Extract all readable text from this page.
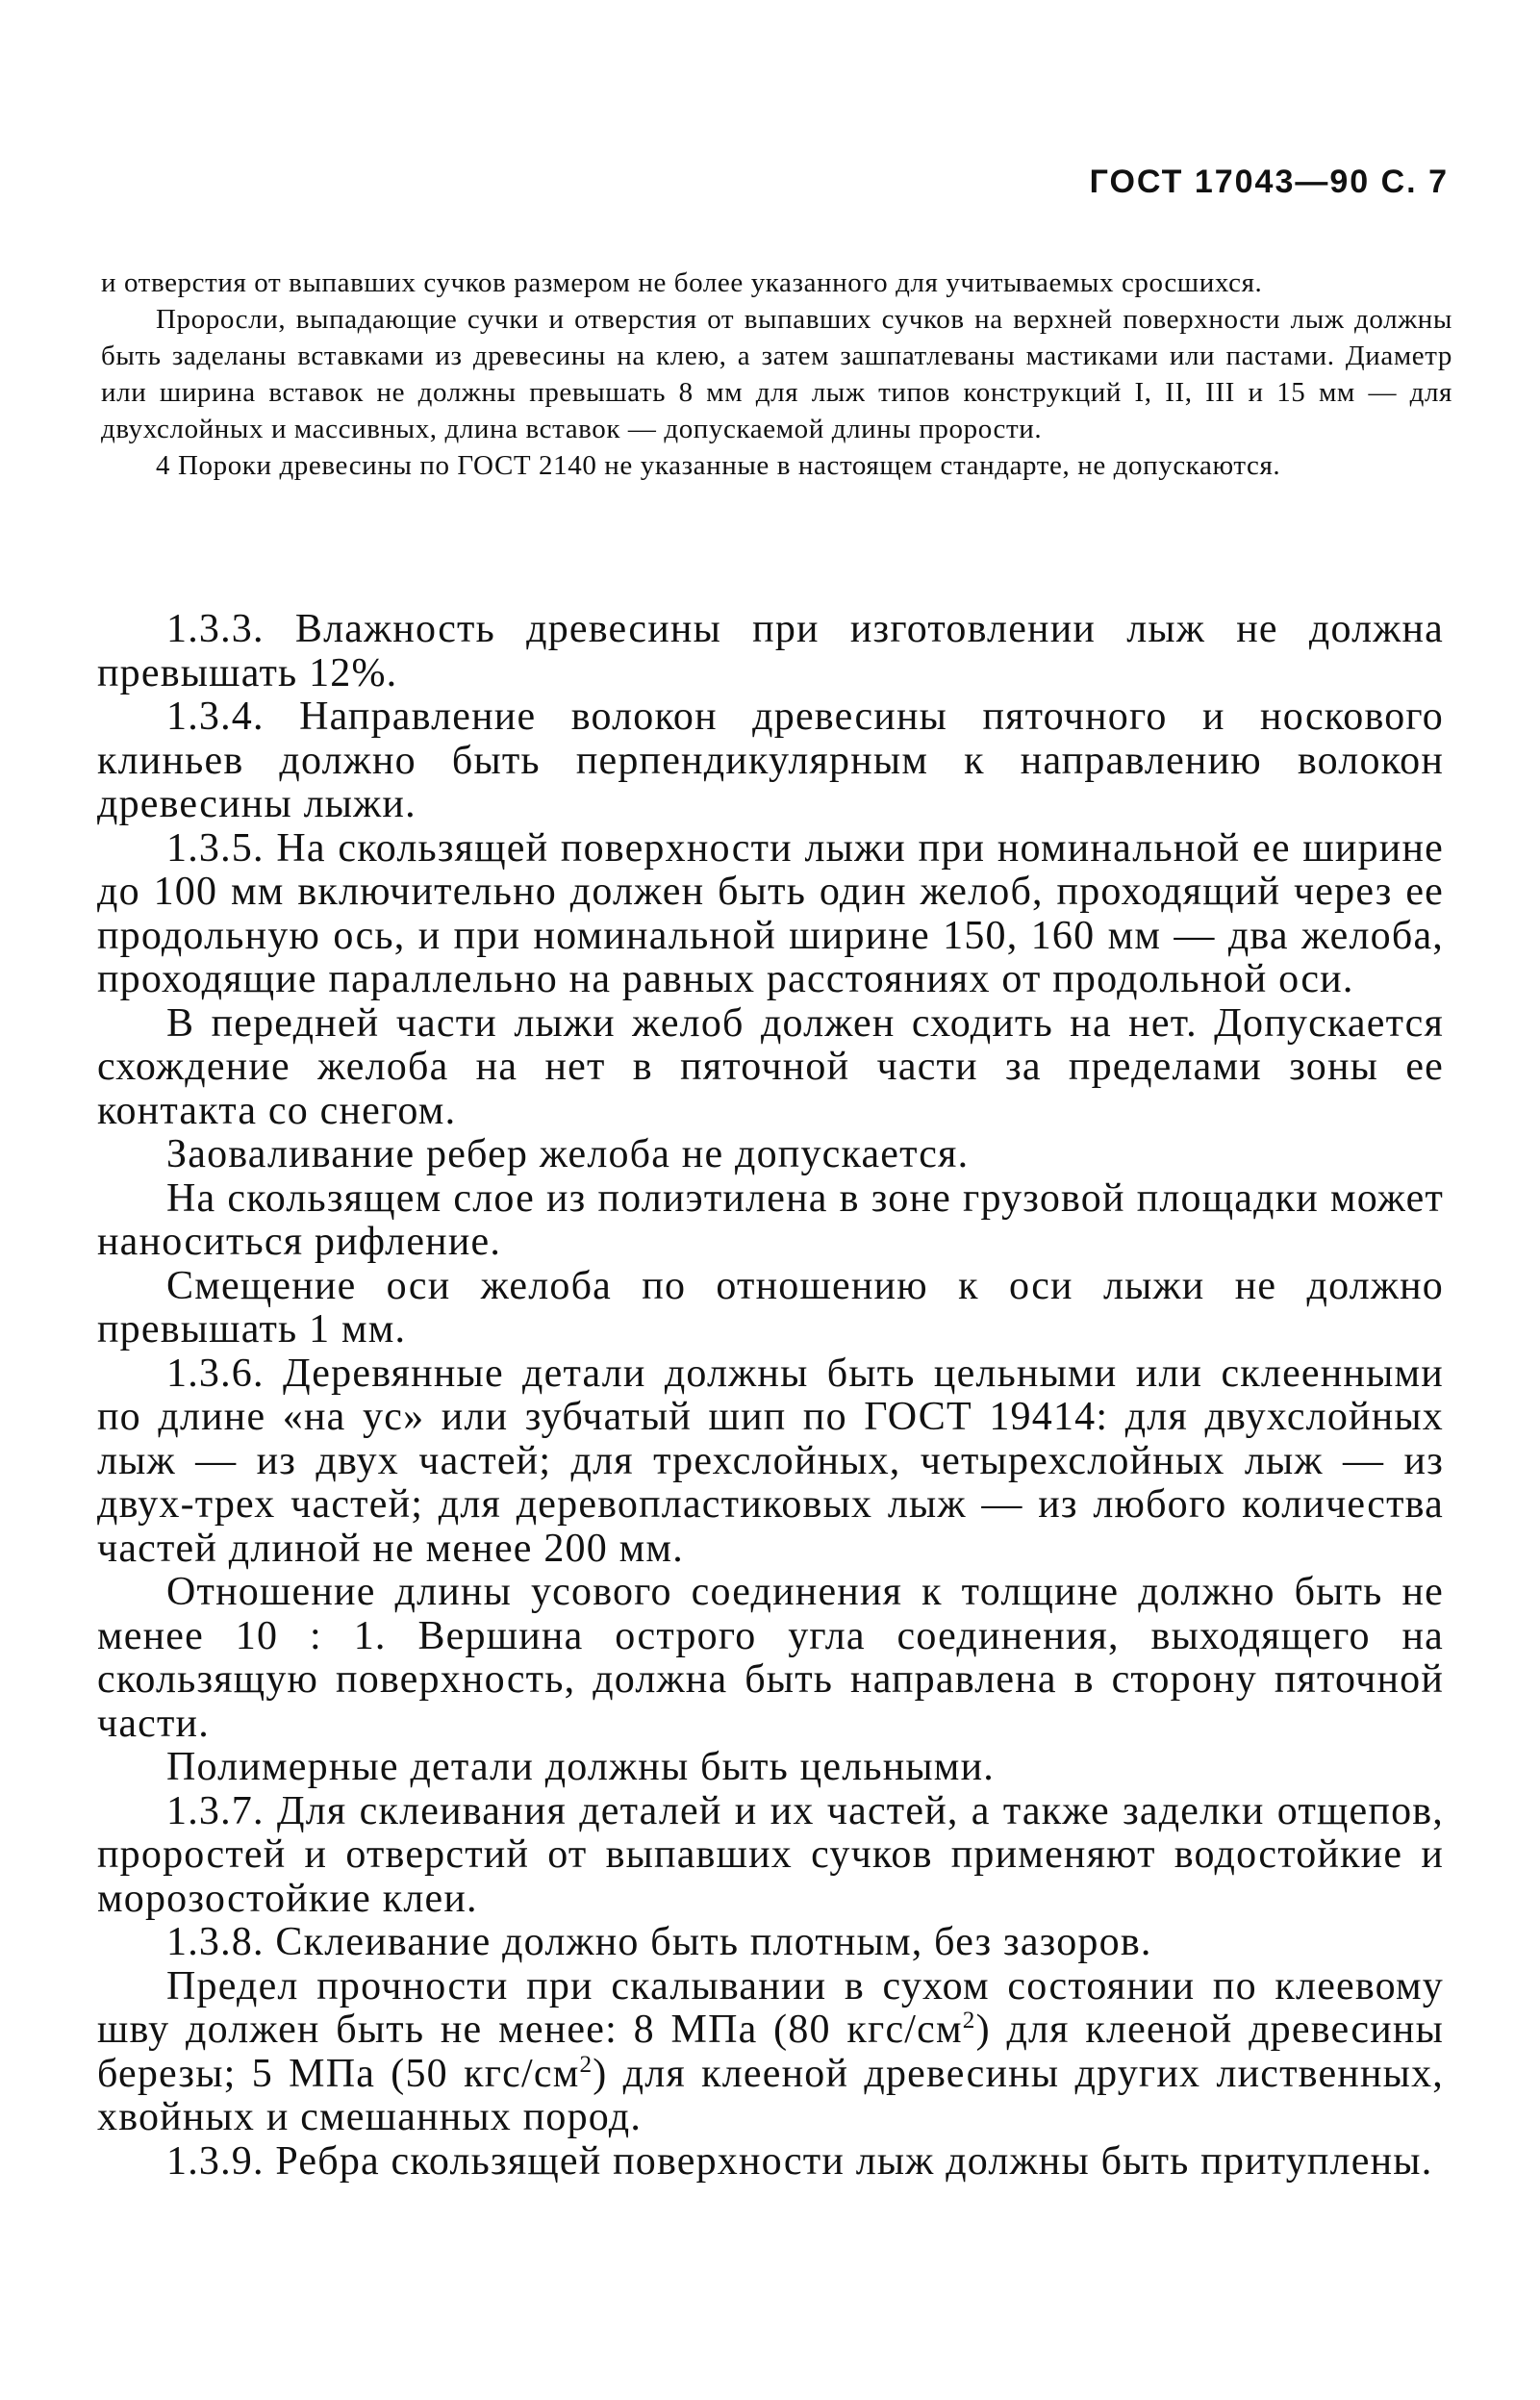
ГОСТ 17043—90 С. 7

и отверстия от выпавших сучков размером не более указанного для учитываемых сросшихся.

Проросли, выпадающие сучки и отверстия от выпавших сучков на верхней поверхности лыж должны быть заделаны вставками из древесины на клею, а затем зашпатлеваны мастиками или пастами. Диаметр или ширина вставок не должны превышать 8 мм для лыж типов конструкций I, II, III и 15 мм — для двухслойных и массивных, длина вставок — допускаемой длины прорости.

4 Пороки древесины по ГОСТ 2140 не указанные в настоящем стандарте, не допускаются.

1.3.3. Влажность древесины при изготовлении лыж не должна превышать 12%.

1.3.4. Направление волокон древесины пяточного и носкового клиньев должно быть перпендикулярным к направлению волокон древесины лыжи.

1.3.5. На скользящей поверхности лыжи при номинальной ее ширине до 100 мм включительно должен быть один желоб, проходящий через ее продольную ось, и при номинальной ширине 150, 160 мм — два желоба, проходящие параллельно на равных расстояниях от продольной оси.

В передней части лыжи желоб должен сходить на нет. Допускается схождение желоба на нет в пяточной части за пределами зоны ее контакта со снегом.

Заоваливание ребер желоба не допускается.

На скользящем слое из полиэтилена в зоне грузовой площадки может наноситься рифление.

Смещение оси желоба по отношению к оси лыжи не должно превышать 1 мм.

1.3.6. Деревянные детали должны быть цельными или склеенными по длине «на ус» или зубчатый шип по ГОСТ 19414: для двухслойных лыж — из двух частей; для трехслойных, четырехслойных лыж — из двух-трех частей; для деревопластиковых лыж — из любого количества частей длиной не менее 200 мм.

Отношение длины усового соединения к толщине должно быть не менее 10 : 1. Вершина острого угла соединения, выходящего на скользящую поверхность, должна быть направлена в сторону пяточной части.

Полимерные детали должны быть цельными.

1.3.7. Для склеивания деталей и их частей, а также заделки отщепов, проростей и отверстий от выпавших сучков применяют водостойкие и морозостойкие клеи.

1.3.8. Склеивание должно быть плотным, без зазоров.

Предел прочности при скалывании в сухом состоянии по клеевому шву должен быть не менее: 8 МПа (80 кгс/$см^2$) для клееной древесины березы; 5 МПа (50 кгс/$см^2$) для клееной древесины других лиственных, хвойных и смешанных пород.

1.3.9. Ребра скользящей поверхности лыж должны быть притуплены.
